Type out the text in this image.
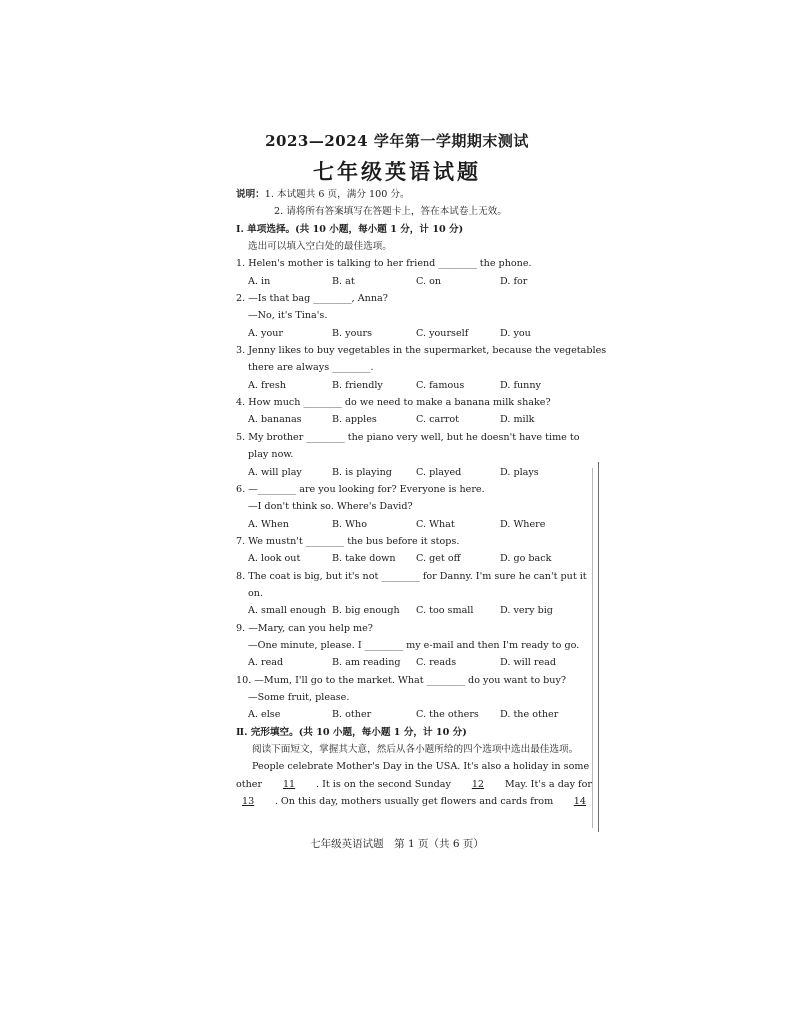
2023—2024 学年第一学期期末测试
七年级英语试题
说明：1. 本试题共 6 页，满分 100 分。
2. 请将所有答案填写在答题卡上，答在本试卷上无效。
Ⅰ. 单项选择。(共 10 小题，每小题 1 分，计 10 分)
选出可以填入空白处的最佳选项。
1. Helen's mother is talking to her friend ________ the phone.
A. in	B. at	C. on	D. for
2. —Is that bag ________, Anna?
—No, it's Tina's.
A. your	B. yours	C. yourself	D. you
3. Jenny likes to buy vegetables in the supermarket, because the vegetables
there are always ________.
A. fresh	B. friendly	C. famous	D. funny
4. How much ________ do we need to make a banana milk shake?
A. bananas	B. apples	C. carrot	D. milk
5. My brother ________ the piano very well, but he doesn't have time to
play now.
A. will play	B. is playing	C. played	D. plays
6. —________ are you looking for? Everyone is here.
—I don't think so. Where's David?
A. When	B. Who	C. What	D. Where
7. We mustn't ________ the bus before it stops.
A. look out	B. take down	C. get off	D. go back
8. The coat is big, but it's not ________ for Danny. I'm sure he can't put it
on.
A. small enough B. big enough	C. too small	D. very big
9. —Mary, can you help me?
—One minute, please. I ________ my e-mail and then I'm ready to go.
A. read	B. am reading	C. reads	D. will read
10. —Mum, I'll go to the market. What ________ do you want to buy?
—Some fruit, please.
A. else	B. other	C. the others	D. the other
Ⅱ. 完形填空。(共 10 小题，每小题 1 分，计 10 分)
阅读下面短文，掌握其大意，然后从各小题所给的四个选项中选出最佳选项。
People celebrate Mother's Day in the USA. It's also a holiday in some
other	11	. It is on the second Sunday	12	May. It's a day for
13	. On this day, mothers usually get flowers and cards from	14
七年级英语试题　第 1 页（共 6 页）
